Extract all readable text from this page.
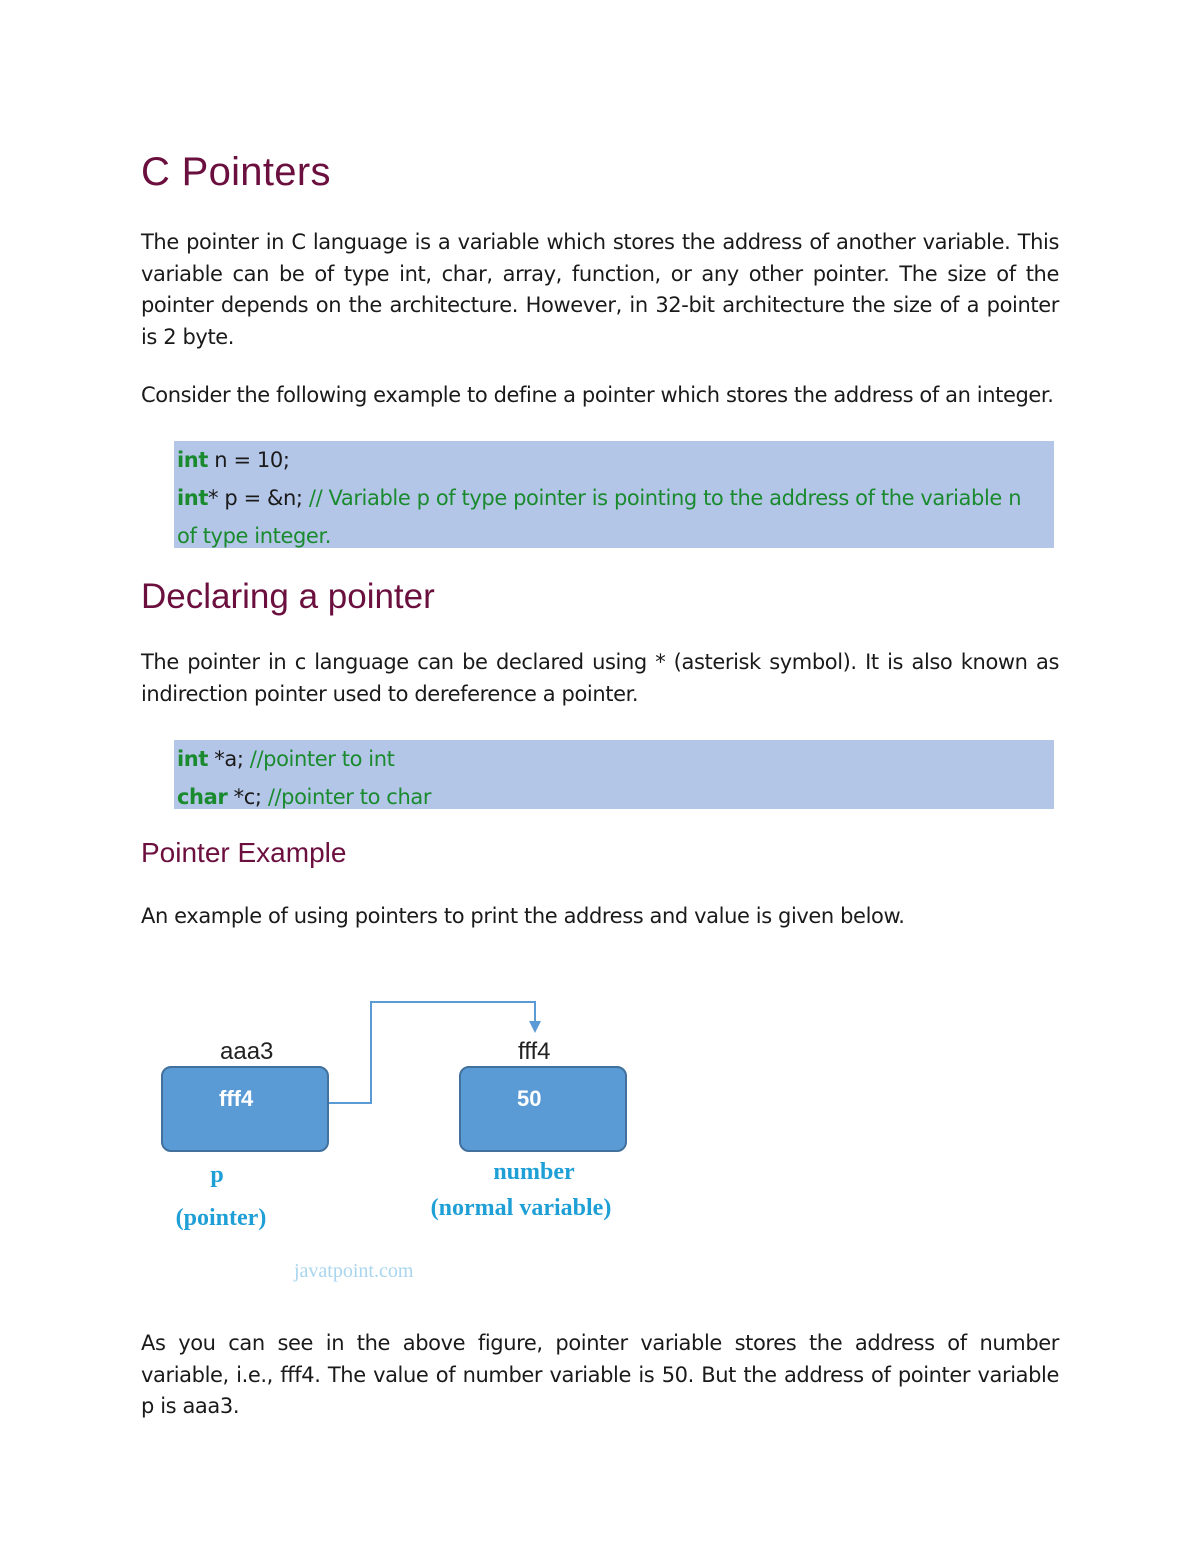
C Pointers

The pointer in C language is a variable which stores the address of another variable. This variable can be of type int, char, array, function, or any other pointer. The size of the pointer depends on the architecture. However, in 32-bit architecture the size of a pointer is 2 byte.

Consider the following example to define a pointer which stores the address of an integer.

int n = 10;
int* p = &n; // Variable p of type pointer is pointing to the address of the variable n of type integer.
Declaring a pointer

The pointer in c language can be declared using * (asterisk symbol). It is also known as indirection pointer used to dereference a pointer.

int *a; //pointer to int
char *c; //pointer to char
Pointer Example

An example of using pointers to print the address and value is given below.

aaa3
fff4
fff4
50
p
(pointer)
number
(normal variable)
javatpoint.com

As you can see in the above figure, pointer variable stores the address of number variable, i.e., fff4. The value of number variable is 50. But the address of pointer variable p is aaa3.
